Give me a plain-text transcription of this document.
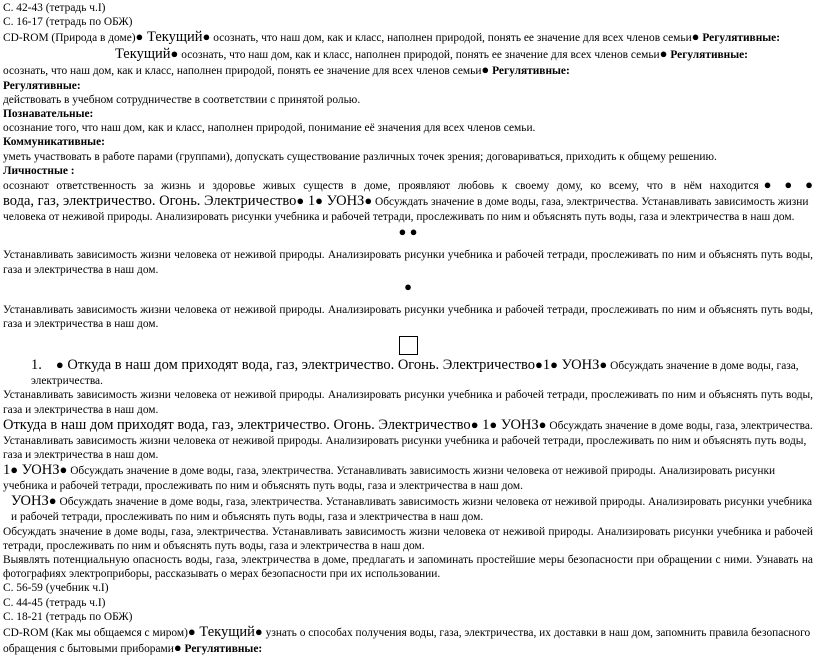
С. 42-43 (тетрадь ч.I)

С. 16-17 (тетрадь по ОБЖ)

CD-ROM (Природа в доме)● Текущий● осознать, что наш дом, как и класс, наполнен природой, понять ее значение для всех членов семьи● Регулятивные:

Текущий● осознать, что наш дом, как и класс, наполнен природой, понять ее значение для всех членов семьи● Регулятивные:

осознать, что наш дом, как и класс, наполнен природой, понять ее значение для всех членов семьи● Регулятивные:

Регулятивные:

действовать в учебном сотрудничестве в соответствии с принятой ролью.

Познавательные:

осознание того, что наш дом, как и класс, наполнен природой, понимание её значения для всех членов семьи.

Коммуникативные:

уметь участвовать в работе парами (группами), допускать существование различных точек зрения; договариваться, приходить к общему решению.

Личностные :

осознают ответственность за жизнь и здоровье живых существ в доме, проявляют любовь к своему дому, ко всему, что в нём находится● ● ●

вода, газ, электричество. Огонь. Электричество● 1● УОНЗ● Обсуждать значение в доме воды, газа, электричества. Устанавливать зависимость жизни человека от неживой природы. Анализировать рисунки учебника и рабочей тетради, прослеживать по ним и объяснять путь воды, газа и электричества в наш дом.

● ●

Устанавливать зависимость жизни человека от неживой природы. Анализировать рисунки учебника и рабочей тетради, прослеживать по ним и объяснять путь воды, газа и электричества в наш дом.

●

Устанавливать зависимость жизни человека от неживой природы. Анализировать рисунки учебника и рабочей тетради, прослеживать по ним и объяснять путь воды, газа и электричества в наш дом.

1. ● Откуда в наш дом приходят вода, газ, электричество. Огонь. Электричество●1● УОНЗ● Обсуждать значение в доме воды, газа, электричества.

Устанавливать зависимость жизни человека от неживой природы. Анализировать рисунки учебника и рабочей тетради, прослеживать по ним и объяснять путь воды, газа и электричества в наш дом.

Откуда в наш дом приходят вода, газ, электричество. Огонь. Электричество● 1● УОНЗ● Обсуждать значение в доме воды, газа, электричества. Устанавливать зависимость жизни человека от неживой природы. Анализировать рисунки учебника и рабочей тетради, прослеживать по ним и объяснять путь воды, газа и электричества в наш дом.

1● УОНЗ● Обсуждать значение в доме воды, газа, электричества. Устанавливать зависимость жизни человека от неживой природы. Анализировать рисунки учебника и рабочей тетради, прослеживать по ним и объяснять путь воды, газа и электричества в наш дом.

УОНЗ● Обсуждать значение в доме воды, газа, электричества. Устанавливать зависимость жизни человека от неживой природы. Анализировать рисунки учебника и рабочей тетради, прослеживать по ним и объяснять путь воды, газа и электричества в наш дом.

Обсуждать значение в доме воды, газа, электричества. Устанавливать зависимость жизни человека от неживой природы. Анализировать рисунки учебника и рабочей тетради, прослеживать по ним и объяснять путь воды, газа и электричества в наш дом.

Выявлять потенциальную опасность воды, газа, электричества в доме, предлагать и запоминать простейшие меры безопасности при обращении с ними. Узнавать на фотографиях электроприборы, рассказывать о мерах безопасности при их использовании.

С. 56-59 (учебник ч.I)

С. 44-45 (тетрадь ч.I)

С. 18-21 (тетрадь по ОБЖ)

CD-ROM (Как мы общаемся с миром)● Текущий● узнать о способах получения воды, газа, электричества, их доставки в наш дом, запомнить правила безопасного обращения с бытовыми приборами● Регулятивные:
